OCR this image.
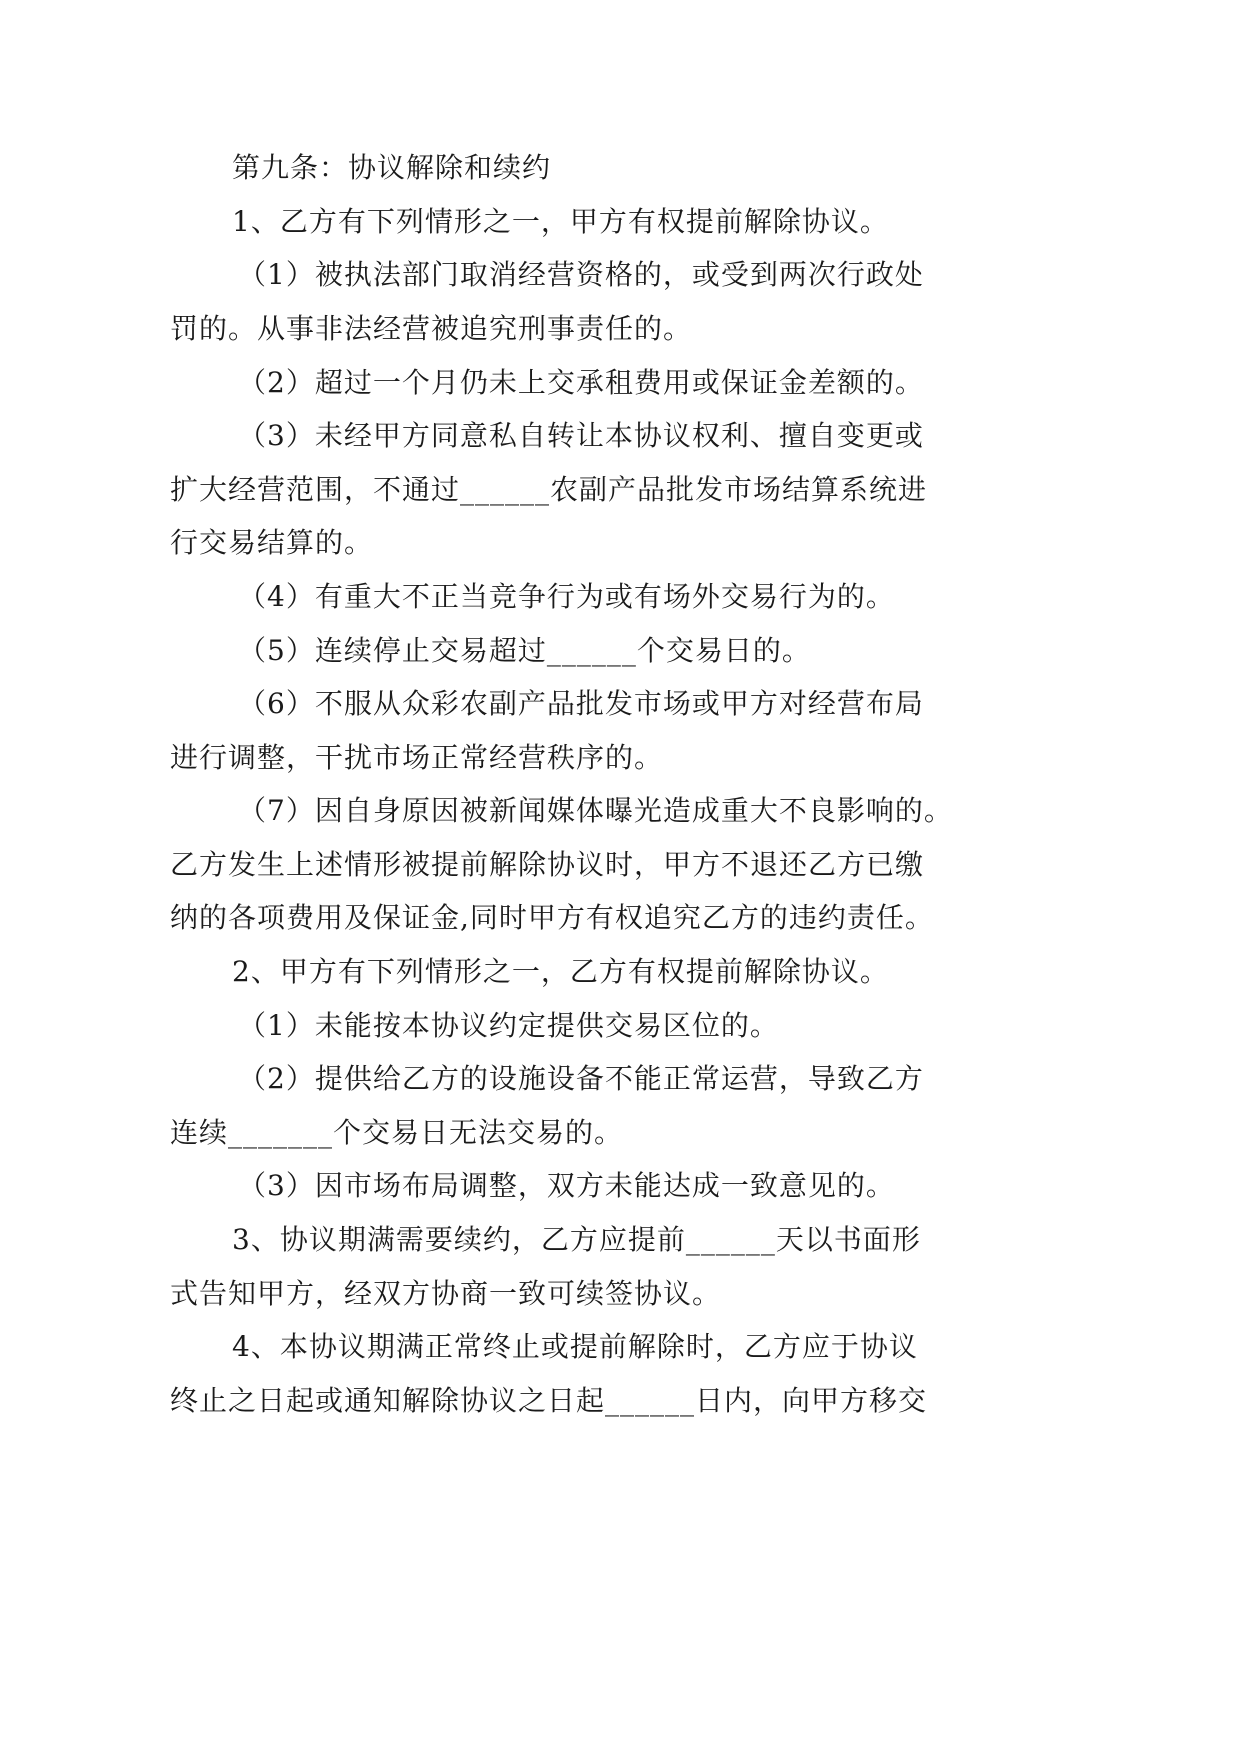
第九条：协议解除和续约
1、乙方有下列情形之一，甲方有权提前解除协议。
（1）被执法部门取消经营资格的，或受到两次行政处
罚的。从事非法经营被追究刑事责任的。
（2）超过一个月仍未上交承租费用或保证金差额的。
（3）未经甲方同意私自转让本协议权利、擅自变更或
扩大经营范围，不通过______农副产品批发市场结算系统进
行交易结算的。
（4）有重大不正当竞争行为或有场外交易行为的。
（5）连续停止交易超过______个交易日的。
（6）不服从众彩农副产品批发市场或甲方对经营布局
进行调整，干扰市场正常经营秩序的。
（7）因自身原因被新闻媒体曝光造成重大不良影响的。
乙方发生上述情形被提前解除协议时，甲方不退还乙方已缴
纳的各项费用及保证金,同时甲方有权追究乙方的违约责任。
2、甲方有下列情形之一，乙方有权提前解除协议。
（1）未能按本协议约定提供交易区位的。
（2）提供给乙方的设施设备不能正常运营，导致乙方
连续_______个交易日无法交易的。
（3）因市场布局调整，双方未能达成一致意见的。
3、协议期满需要续约，乙方应提前______天以书面形
式告知甲方，经双方协商一致可续签协议。
4、本协议期满正常终止或提前解除时，乙方应于协议
终止之日起或通知解除协议之日起______日内，向甲方移交
